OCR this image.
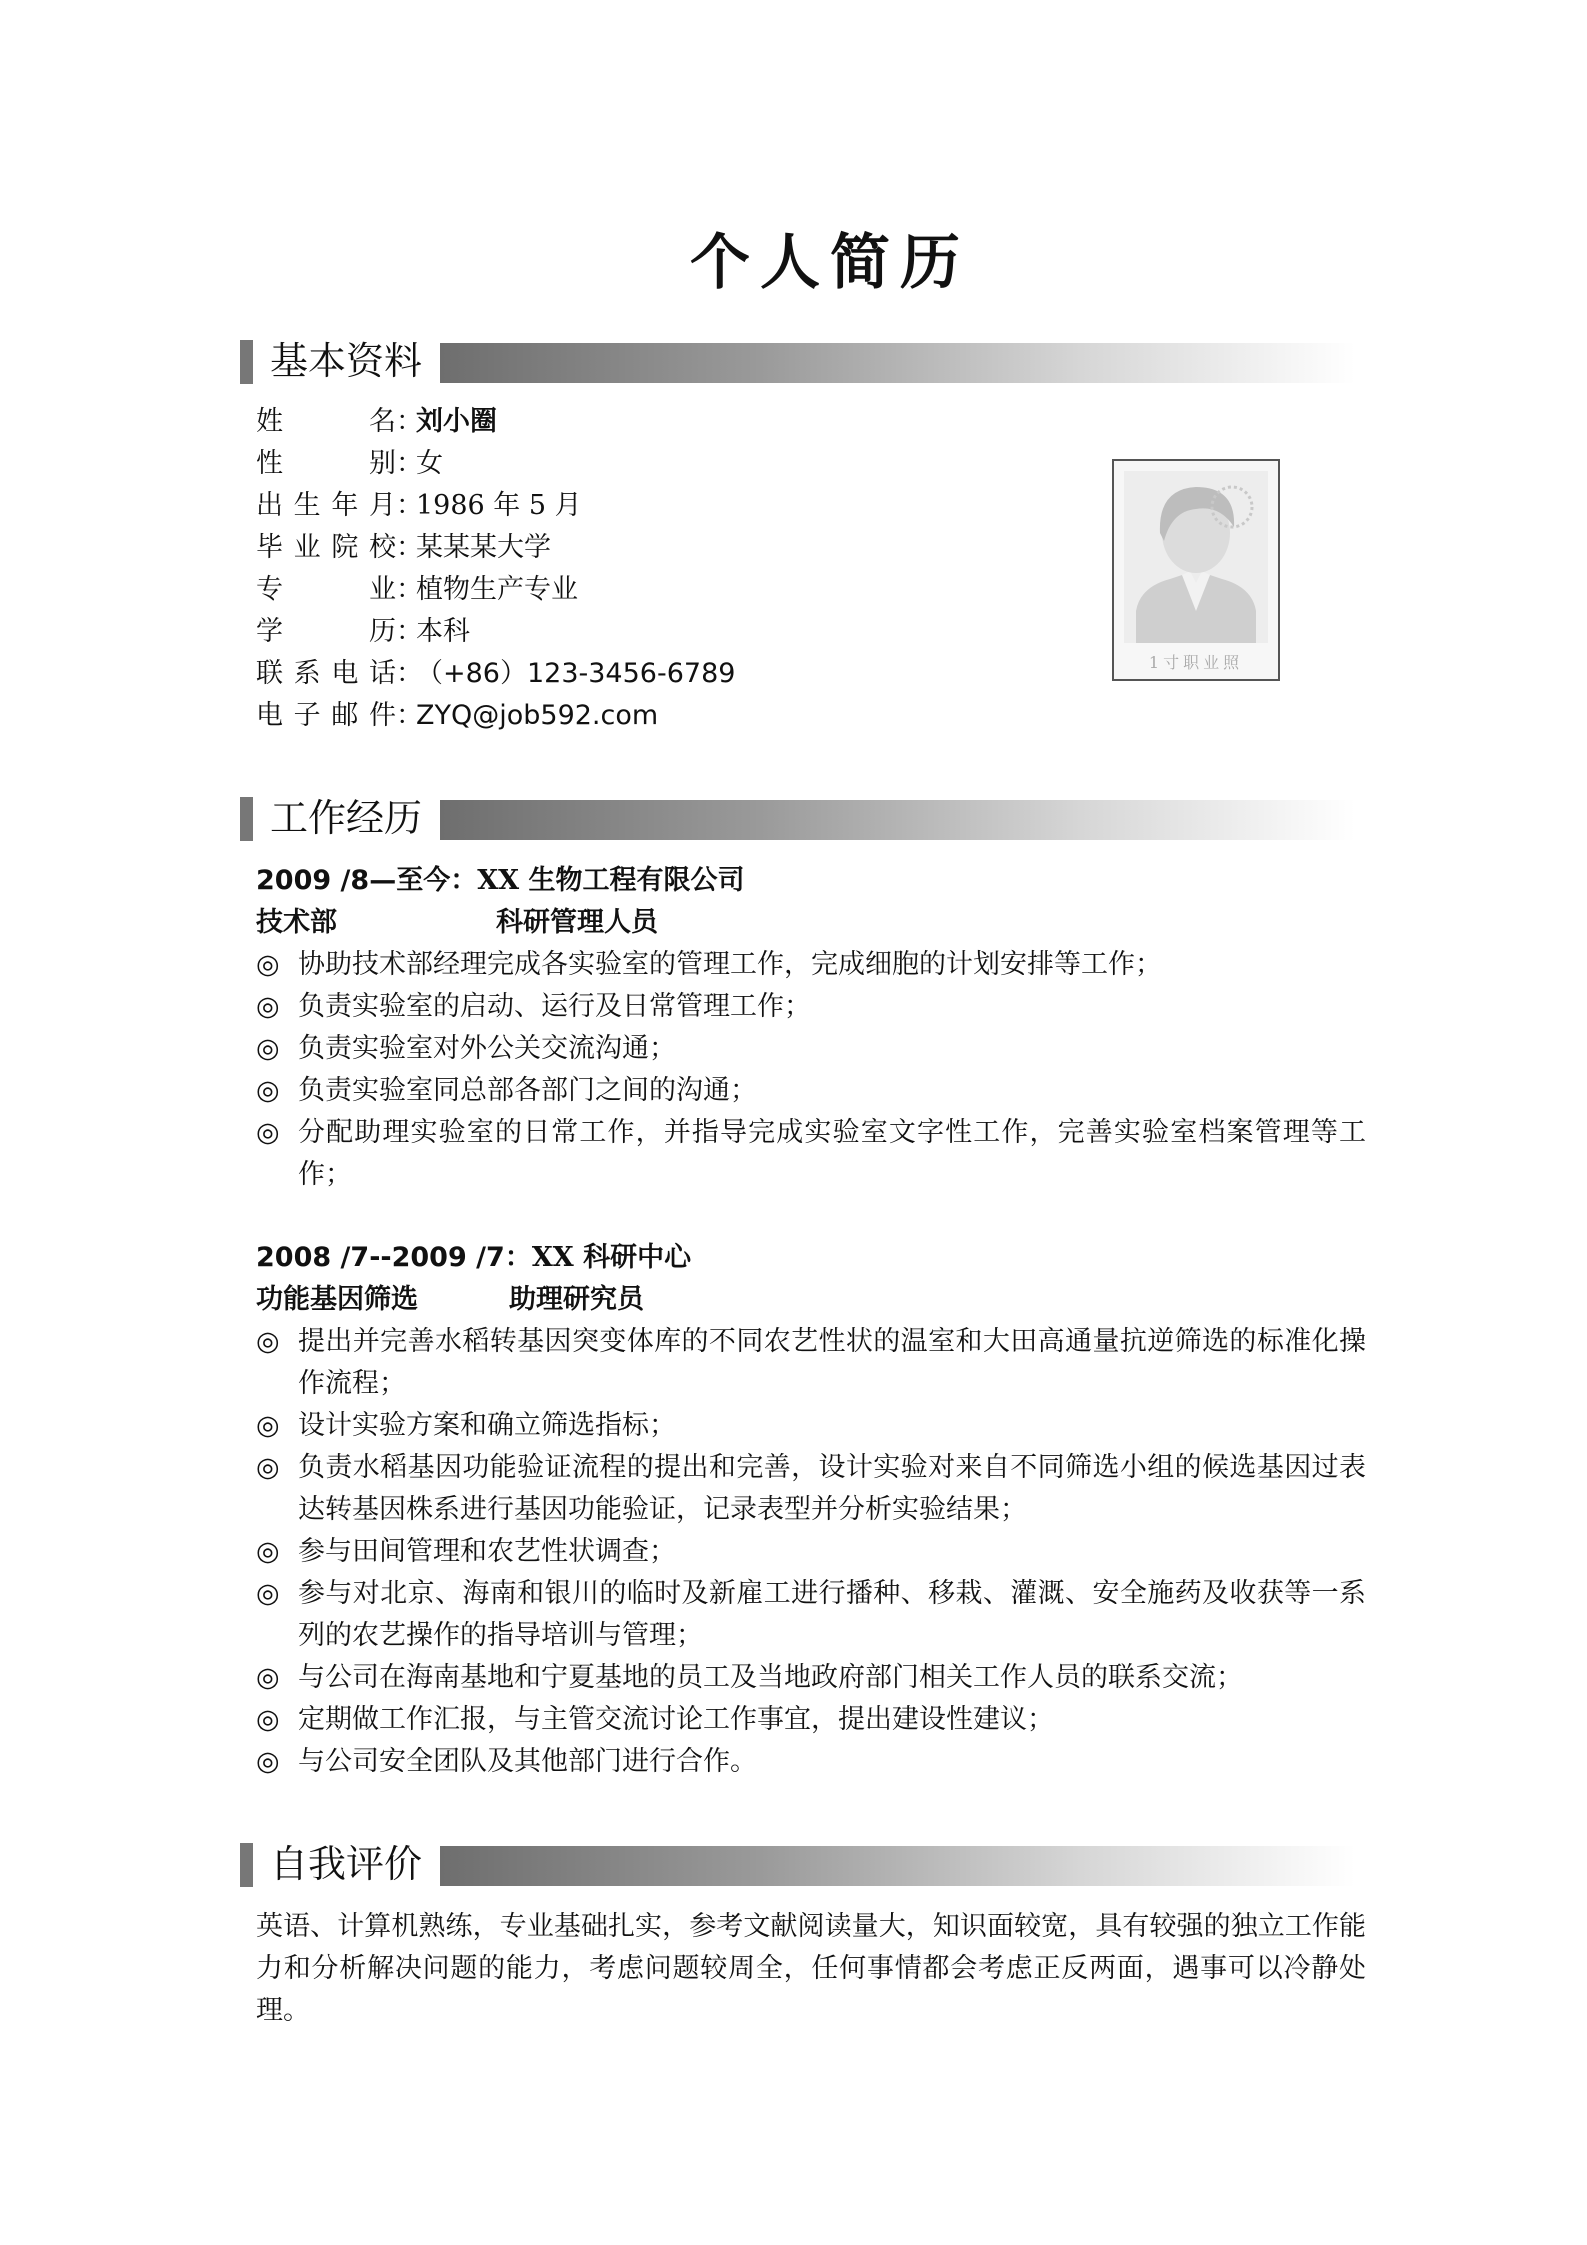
个人简历
基本资料
姓名：刘小圈
性别：女
出生年月：1986 年 5 月
毕业院校：某某某大学
专业：植物生产专业
学历：本科
联系电话：（+86）123-3456-6789
电子邮件：ZYQ@job592.com
1寸职业照
工作经历
2009 /8—至今：XX 生物工程有限公司
技术部	科研管理人员
◎ 协助技术部经理完成各实验室的管理工作，完成细胞的计划安排等工作；
◎ 负责实验室的启动、运行及日常管理工作；
◎ 负责实验室对外公关交流沟通；
◎ 负责实验室同总部各部门之间的沟通；
◎ 分配助理实验室的日常工作，并指导完成实验室文字性工作，完善实验室档案管理等工作；
2008 /7--2009 /7：XX 科研中心
功能基因筛选	助理研究员
◎ 提出并完善水稻转基因突变体库的不同农艺性状的温室和大田高通量抗逆筛选的标准化操作流程；
◎ 设计实验方案和确立筛选指标；
◎ 负责水稻基因功能验证流程的提出和完善，设计实验对来自不同筛选小组的候选基因过表达转基因株系进行基因功能验证，记录表型并分析实验结果；
◎ 参与田间管理和农艺性状调查；
◎ 参与对北京、海南和银川的临时及新雇工进行播种、移栽、灌溉、安全施药及收获等一系列的农艺操作的指导培训与管理；
◎ 与公司在海南基地和宁夏基地的员工及当地政府部门相关工作人员的联系交流；
◎ 定期做工作汇报，与主管交流讨论工作事宜，提出建设性建议；
◎ 与公司安全团队及其他部门进行合作。
自我评价
英语、计算机熟练，专业基础扎实，参考文献阅读量大，知识面较宽，具有较强的独立工作能力和分析解决问题的能力，考虑问题较周全，任何事情都会考虑正反两面，遇事可以冷静处理。
